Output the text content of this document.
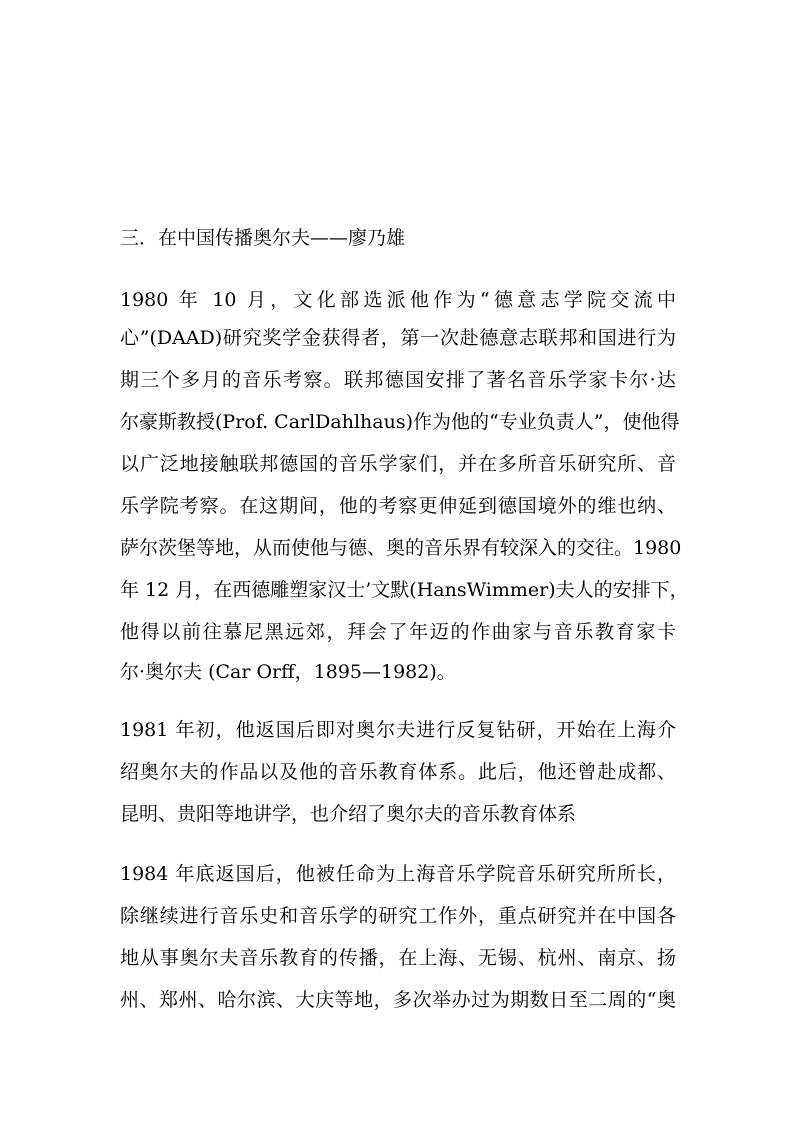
三．在中国传播奥尔夫——廖乃雄
1980 年 10 月，文化部选派他作为“德意志学院交流中
心”(DAAD)研究奖学金获得者，第一次赴德意志联邦和国进行为
期三个多月的音乐考察。联邦德国安排了著名音乐学家卡尔·达
尔豪斯教授(Prof. CarlDahlhaus)作为他的“专业负责人”，使他得
以广泛地接触联邦德国的音乐学家们，并在多所音乐研究所、音
乐学院考察。在这期间，他的考察更伸延到德国境外的维也纳、
萨尔茨堡等地，从而使他与德、奥的音乐界有较深入的交往。1980
年 12 月，在西德雕塑家汉士’文默(HansWimmer)夫人的安排下，
他得以前往慕尼黑远郊，拜会了年迈的作曲家与音乐教育家卡
尔·奥尔夫 (Car Orff，1895—1982)。
1981 年初，他返国后即对奥尔夫进行反复钻研，开始在上海介
绍奥尔夫的作品以及他的音乐教育体系。此后，他还曾赴成都、
昆明、贵阳等地讲学，也介绍了奥尔夫的音乐教育体系
1984 年底返国后，他被任命为上海音乐学院音乐研究所所长，
除继续进行音乐史和音乐学的研究工作外，重点研究并在中国各
地从事奥尔夫音乐教育的传播，在上海、无锡、杭州、南京、扬
州、郑州、哈尔滨、大庆等地，多次举办过为期数日至二周的“奥
